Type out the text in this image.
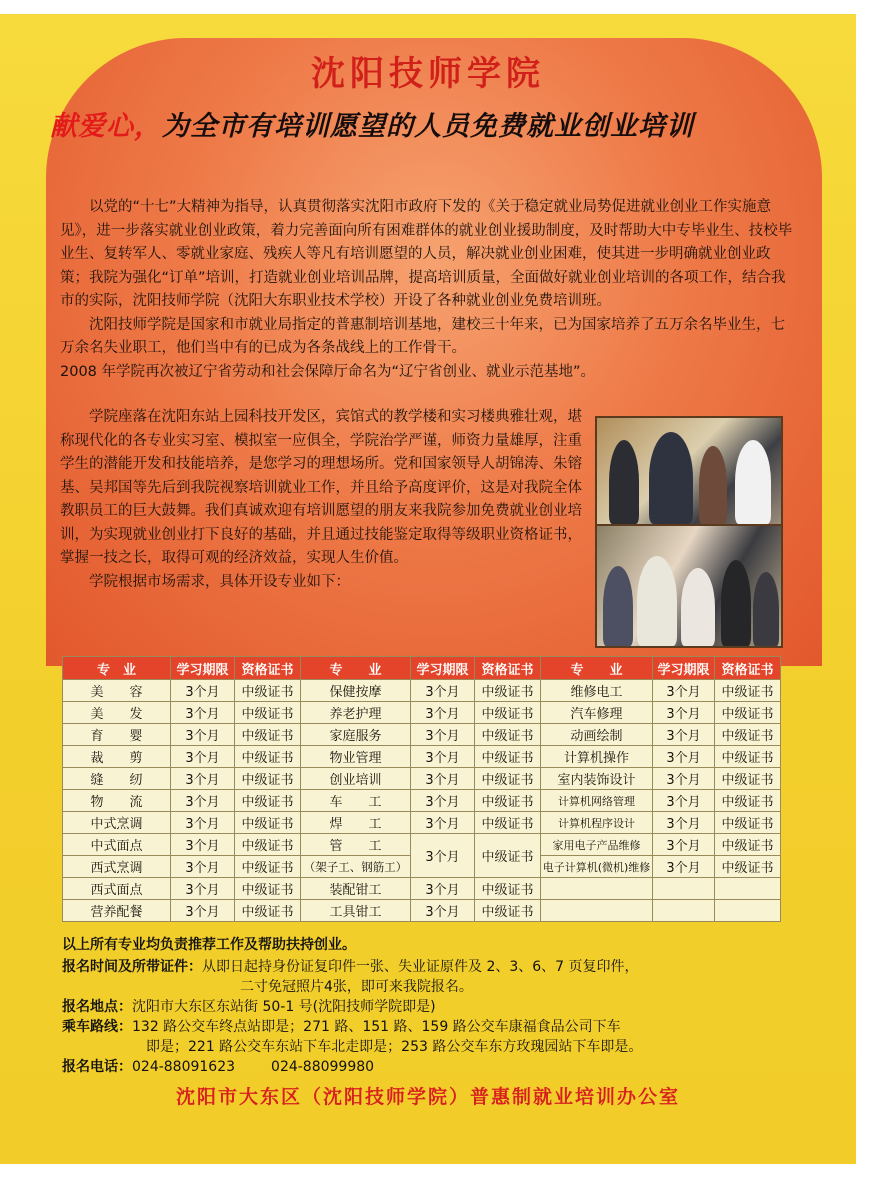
沈阳技师学院
献爱心，为全市有培训愿望的人员免费就业创业培训

以党的“十七”大精神为指导，认真贯彻落实沈阳市政府下发的《关于稳定就业局势促进就业创业工作实施意见》，进一步落实就业创业政策，着力完善面向所有困难群体的就业创业援助制度，及时帮助大中专毕业生、技校毕业生、复转军人、零就业家庭、残疾人等凡有培训愿望的人员，解决就业创业困难，使其进一步明确就业创业政策；我院为强化“订单”培训，打造就业创业培训品牌，提高培训质量，全面做好就业创业培训的各项工作，结合我市的实际，沈阳技师学院（沈阳大东职业技术学校）开设了各种就业创业免费培训班。

沈阳技师学院是国家和市就业局指定的普惠制培训基地，建校三十年来，已为国家培养了五万余名毕业生，七万余名失业职工，他们当中有的已成为各条战线上的工作骨干。

2008 年学院再次被辽宁省劳动和社会保障厅命名为“辽宁省创业、就业示范基地”。

学院座落在沈阳东站上园科技开发区，宾馆式的教学楼和实习楼典雅壮观，堪称现代化的各专业实习室、模拟室一应俱全，学院治学严谨，师资力量雄厚，注重学生的潜能开发和技能培养，是您学习的理想场所。党和国家领导人胡锦涛、朱镕基、吴邦国等先后到我院视察培训就业工作，并且给予高度评价，这是对我院全体教职员工的巨大鼓舞。我们真诚欢迎有培训愿望的朋友来我院参加免费就业创业培训，为实现就业创业打下良好的基础，并且通过技能鉴定取得等级职业资格证书，掌握一技之长，取得可观的经济效益，实现人生价值。

学院根据市场需求，具体开设专业如下：

专　业	学习期限	资格证书	专　　业	学习期限	资格证书	专　　业	学习期限	资格证书
美　　容	3个月	中级证书	保健按摩	3个月	中级证书	维修电工	3个月	中级证书
美　　发	3个月	中级证书	养老护理	3个月	中级证书	汽车修理	3个月	中级证书
育　　婴	3个月	中级证书	家庭服务	3个月	中级证书	动画绘制	3个月	中级证书
裁　　剪	3个月	中级证书	物业管理	3个月	中级证书	计算机操作	3个月	中级证书
缝　　纫	3个月	中级证书	创业培训	3个月	中级证书	室内装饰设计	3个月	中级证书
物　　流	3个月	中级证书	车　　工	3个月	中级证书	计算机网络管理	3个月	中级证书
中式烹调	3个月	中级证书	焊　　工	3个月	中级证书	计算机程序设计	3个月	中级证书
中式面点	3个月	中级证书	管　　工	3个月	中级证书	家用电子产品维修	3个月	中级证书
西式烹调	3个月	中级证书	（架子工、钢筋工）			电子计算机(微机)维修	3个月	中级证书
西式面点	3个月	中级证书	装配钳工	3个月	中级证书			
营养配餐	3个月	中级证书	工具钳工	3个月	中级证书			
以上所有专业均负责推荐工作及帮助扶持创业。
报名时间及所带证件：从即日起持身份证复印件一张、失业证原件及 2、3、6、7 页复印件，
二寸免冠照片4张，即可来我院报名。
报名地点：沈阳市大东区东站街 50-1 号(沈阳技师学院即是)
乘车路线：132 路公交车终点站即是；271 路、151 路、159 路公交车康福食品公司下车
即是；221 路公交车东站下车北走即是；253 路公交车东方玫瑰园站下车即是。
报名电话：024-88091623	024-88099980
沈阳市大东区（沈阳技师学院）普惠制就业培训办公室
